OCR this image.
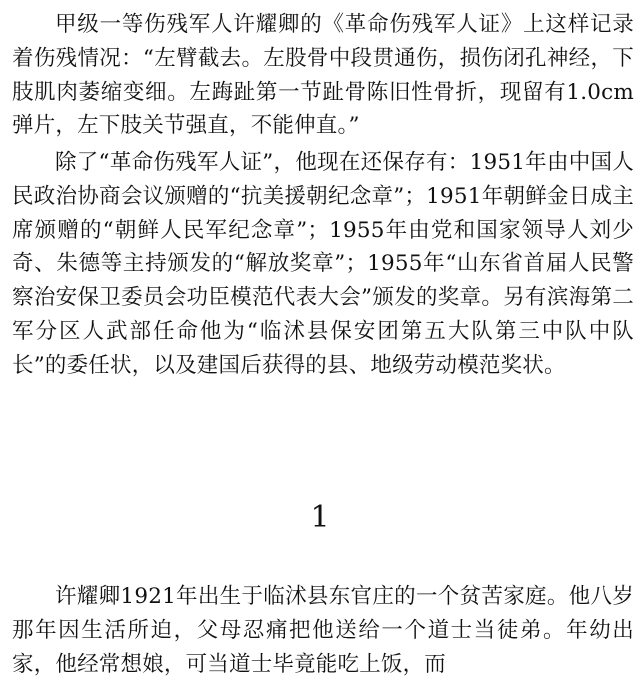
甲级一等伤残军人许耀卿的《革命伤残军人证》上这样记录着伤残情况：“左臂截去。左股骨中段贯通伤，损伤闭孔神经，下肢肌肉萎缩变细。左踇趾第一节趾骨陈旧性骨折，现留有1.0cm弹片，左下肢关节强直，不能伸直。”

除了“革命伤残军人证”，他现在还保存有：1951年由中国人民政治协商会议颁赠的“抗美援朝纪念章”；1951年朝鲜金日成主席颁赠的“朝鲜人民军纪念章”；1955年由党和国家领导人刘少奇、朱德等主持颁发的“解放奖章”；1955年“山东省首届人民警察治安保卫委员会功臣模范代表大会”颁发的奖章。另有滨海第二军分区人武部任命他为“临沭县保安团第五大队第三中队中队长”的委任状，以及建国后获得的县、地级劳动模范奖状。

1

许耀卿1921年出生于临沭县东官庄的一个贫苦家庭。他八岁那年因生活所迫，父母忍痛把他送给一个道士当徒弟。年幼出家，他经常想娘，可当道士毕竟能吃上饭，而
